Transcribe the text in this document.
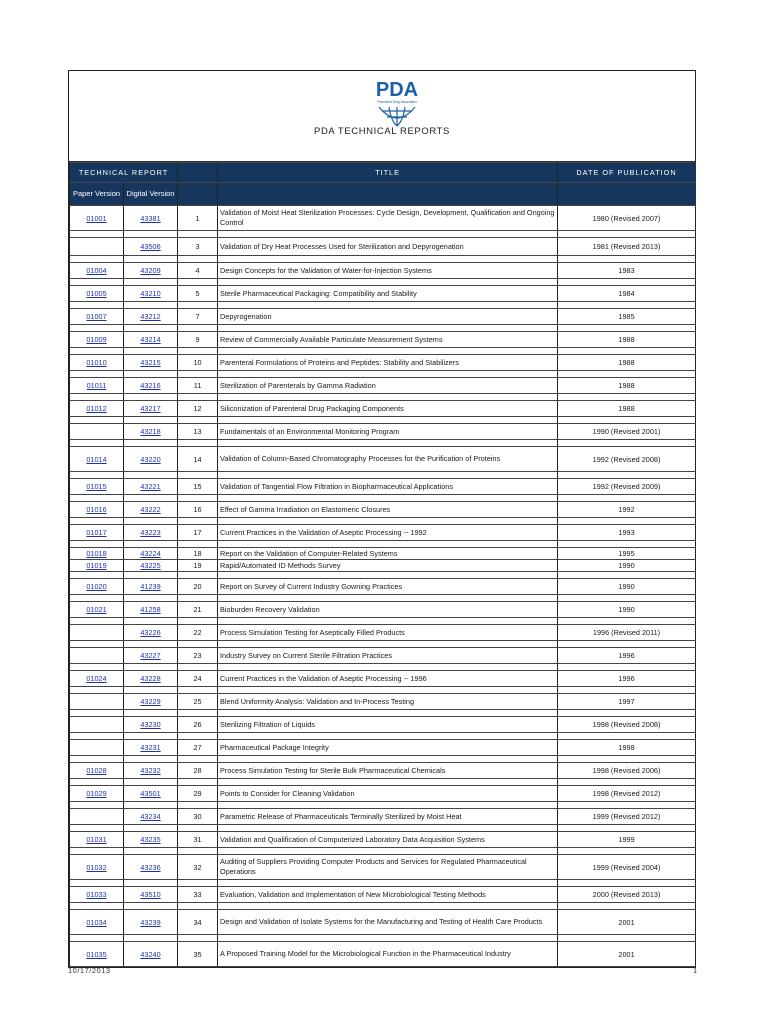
PDA
Parenteral Drug Association
PDA TECHNICAL REPORTS
TECHNICAL REPORT			TITLE	DATE OF PUBLICATION
Paper Version	Digital Version			
01001	43381	1	Validation of Moist Heat Sterilization Processes: Cycle Design, Development, Qualification and Ongoing Control	1980 (Revised 2007)

	43506	3	Validation of Dry Heat Processes Used for Sterilization and Depyrogenation	1981 (Revised 2013)

01004	43209	4	Design Concepts for the Validation of Water-for-Injection Systems	1983

01005	43210	5	Sterile Pharmaceutical Packaging: Compatibility and Stability	1984

01007	43212	7	Depyrogenation	1985

01009	43214	9	Review of Commercially Available Particulate Measurement Systems	1988

01010	43215	10	Parenteral Formulations of Proteins and Peptides: Stability and Stabilizers	1988

01011	43216	11	Sterilization of Parenterals by Gamma Radiation	1988

01012	43217	12	Siliconization of Parenteral Drug Packaging Components	1988

	43218	13	Fundamentals of an Environmental Monitoring Program	1990 (Revised 2001)

01014	43220	14	Validation of Column-Based Chromatography Processes for the Purification of Proteins	1992 (Revised 2008)

01015	43221	15	Validation of Tangential Flow Filtration in Biopharmaceutical Applications	1992 (Revised 2009)

01016	43222	16	Effect of Gamma Irradiation on Elastomeric Closures	1992

01017	43223	17	Current Practices in the Validation of Aseptic Processing -- 1992	1993

01018	43224	18	Report on the Validation of Computer-Related Systems	1995
01019	43225	19	Rapid/Automated ID Methods Survey	1990

01020	41239	20	Report on Survey of Current Industry Gowning Practices	1990

01021	41258	21	Bioburden Recovery Validation	1990

	43226	22	Process Simulation Testing for Aseptically Filled Products	1996 (Revised 2011)

	43227	23	Industry Survey on Current Sterile Filtration Practices	1996

01024	43228	24	Current Practices in the Validation of Aseptic Processing -- 1996	1996

	43229	25	Blend Uniformity Analysis: Validation and In-Process Testing	1997

	43230	26	Sterilizing Filtration of Liquids	1998 (Revised 2008)

	43231	27	Pharmaceutical Package Integrity	1998

01028	43232	28	Process Simulation Testing for Sterile Bulk Pharmaceutical Chemicals	1998 (Revised 2006)

01029	43501	29	Points to Consider for Cleaning Validation	1998 (Revised 2012)

	43234	30	Parametric Release of Pharmaceuticals Terminally Sterilized by Moist Heat	1999 (Revised 2012)

01031	43235	31	Validation and Qualification of Computerized Laboratory Data Acquisition Systems	1999

01032	43236	32	Auditing of Suppliers Providing Computer Products and Services for Regulated Pharmaceutical Operations	1999 (Revised 2004)

01033	43510	33	Evaluation, Validation and Implementation of New Microbiological Testing Methods	2000 (Revised 2013)

01034	43239	34	Design and Validation of Isolate Systems for the Manufacturing and Testing of Health Care Products	2001

01035	43240	35	A Proposed Training Model for the Microbiological Function in the Pharmaceutical Industry	2001
10/17/2013	1
